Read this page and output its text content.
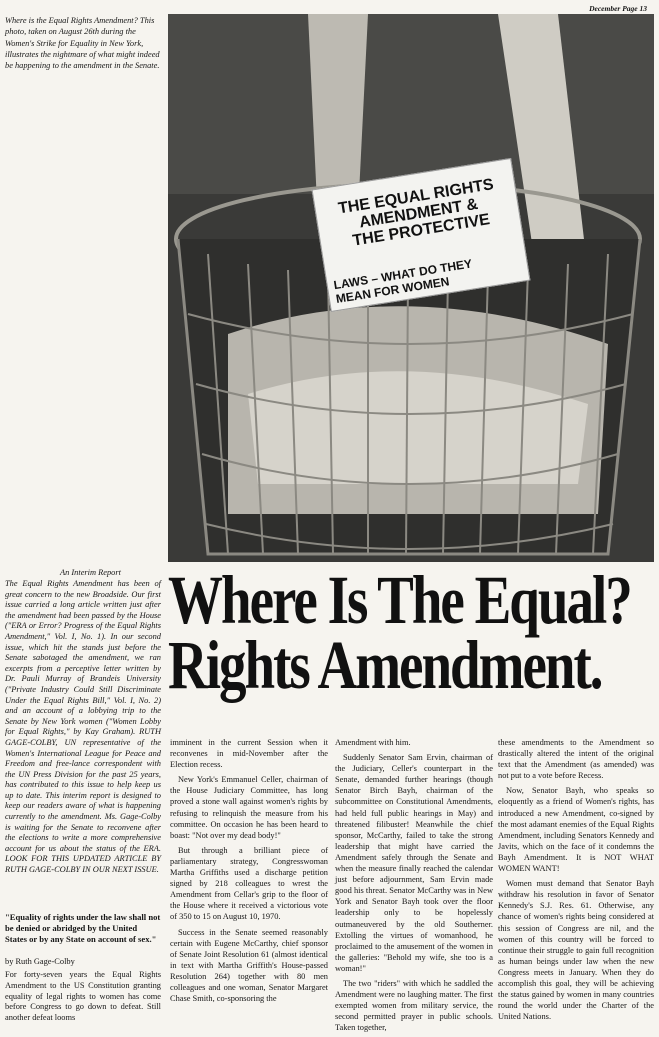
December Page 13
Where is the Equal Rights Amendment? This photo, taken on August 26th during the Women's Strike for Equality in New York, illustrates the nightmare of what might indeed be happening to the amendment in the Senate.
THE EQUAL RIGHTS
AMENDMENT &
THE PROTECTIVE
LAWS – WHAT DO THEY
MEAN FOR WOMEN
An Interim Report
The Equal Rights Amendment has been of great concern to the new Broadside. Our first issue carried a long article written just after the amendment had been passed by the House ("ERA or Error? Progress of the Equal Rights Amendment," Vol. I, No. 1). In our second issue, which hit the stands just before the Senate sabotaged the amendment, we ran excerpts from a perceptive letter written by Dr. Pauli Murray of Brandeis University ("Private Industry Could Still Discriminate Under the Equal Rights Bill," Vol. I, No. 2) and an account of a lobbying trip to the Senate by New York women ("Women Lobby for Equal Rights," by Kay Graham). RUTH GAGE-COLBY, UN representative of the Women's International League for Peace and Freedom and free-lance correspondent with the UN Press Division for the past 25 years, has contributed to this issue to help keep us up to date. This interim report is designed to keep our readers aware of what is happening currently to the amendment. Ms. Gage-Colby is waiting for the Senate to reconvene after the elections to write a more comprehensive account for us about the status of the ERA. LOOK FOR THIS UPDATED ARTICLE BY RUTH GAGE-COLBY IN OUR NEXT ISSUE.
Where Is The Equal?
Rights Amendment.
"Equality of rights under the law shall not be denied or abridged by the United States or by any State on account of sex."
by Ruth Gage-Colby
For forty-seven years the Equal Rights Amendment to the US Constitution granting equality of legal rights to women has come before Congress to go down to defeat. Still another defeat looms

imminent in the current Session when it reconvenes in mid-November after the Election recess.

New York's Emmanuel Celler, chairman of the House Judiciary Committee, has long proved a stone wall against women's rights by refusing to relinquish the measure from his committee. On occasion he has been heard to boast: "Not over my dead body!"

But through a brilliant piece of parliamentary strategy, Congresswoman Martha Griffiths used a discharge petition signed by 218 colleagues to wrest the Amendment from Cellar's grip to the floor of the House where it received a victorious vote of 350 to 15 on August 10, 1970.

Success in the Senate seemed reasonably certain with Eugene McCarthy, chief sponsor of Senate Joint Resolution 61 (almost identical in text with Martha Griffith's House-passed Resolution 264) together with 80 men colleagues and one woman, Senator Margaret Chase Smith, co-sponsoring the

Amendment with him.

Suddenly Senator Sam Ervin, chairman of the Judiciary, Celler's counterpart in the Senate, demanded further hearings (though Senator Birch Bayh, chairman of the subcommittee on Constitutional Amendments, had held full public hearings in May) and threatened filibuster! Meanwhile the chief sponsor, McCarthy, failed to take the strong leadership that might have carried the Amendment safely through the Senate and when the measure finally reached the calendar just before adjournment, Sam Ervin made good his threat. Senator McCarthy was in New York and Senator Bayh took over the floor leadership only to be hopelessly outmaneuvered by the old Southerner. Extolling the virtues of womanhood, he proclaimed to the amusement of the women in the galleries: "Behold my wife, she too is a woman!"

The two "riders" with which he saddled the Amendment were no laughing matter. The first exempted women from military service, the second permitted prayer in public schools. Taken together,

these amendments to the Amendment so drastically altered the intent of the original text that the Amendment (as amended) was not put to a vote before Recess.

Now, Senator Bayh, who speaks so eloquently as a friend of Women's rights, has introduced a new Amendment, co-signed by the most adamant enemies of the Equal Rights Amendment, including Senators Kennedy and Javits, which on the face of it condemns the Bayh Amendment. It is NOT WHAT WOMEN WANT!

Women must demand that Senator Bayh withdraw his resolution in favor of Senator Kennedy's S.J. Res. 61. Otherwise, any chance of women's rights being considered at this session of Congress are nil, and the women of this country will be forced to continue their struggle to gain full recognition as human beings under law when the new Congress meets in January. When they do accomplish this goal, they will be achieving the status gained by women in many countries round the world under the Charter of the United Nations.
